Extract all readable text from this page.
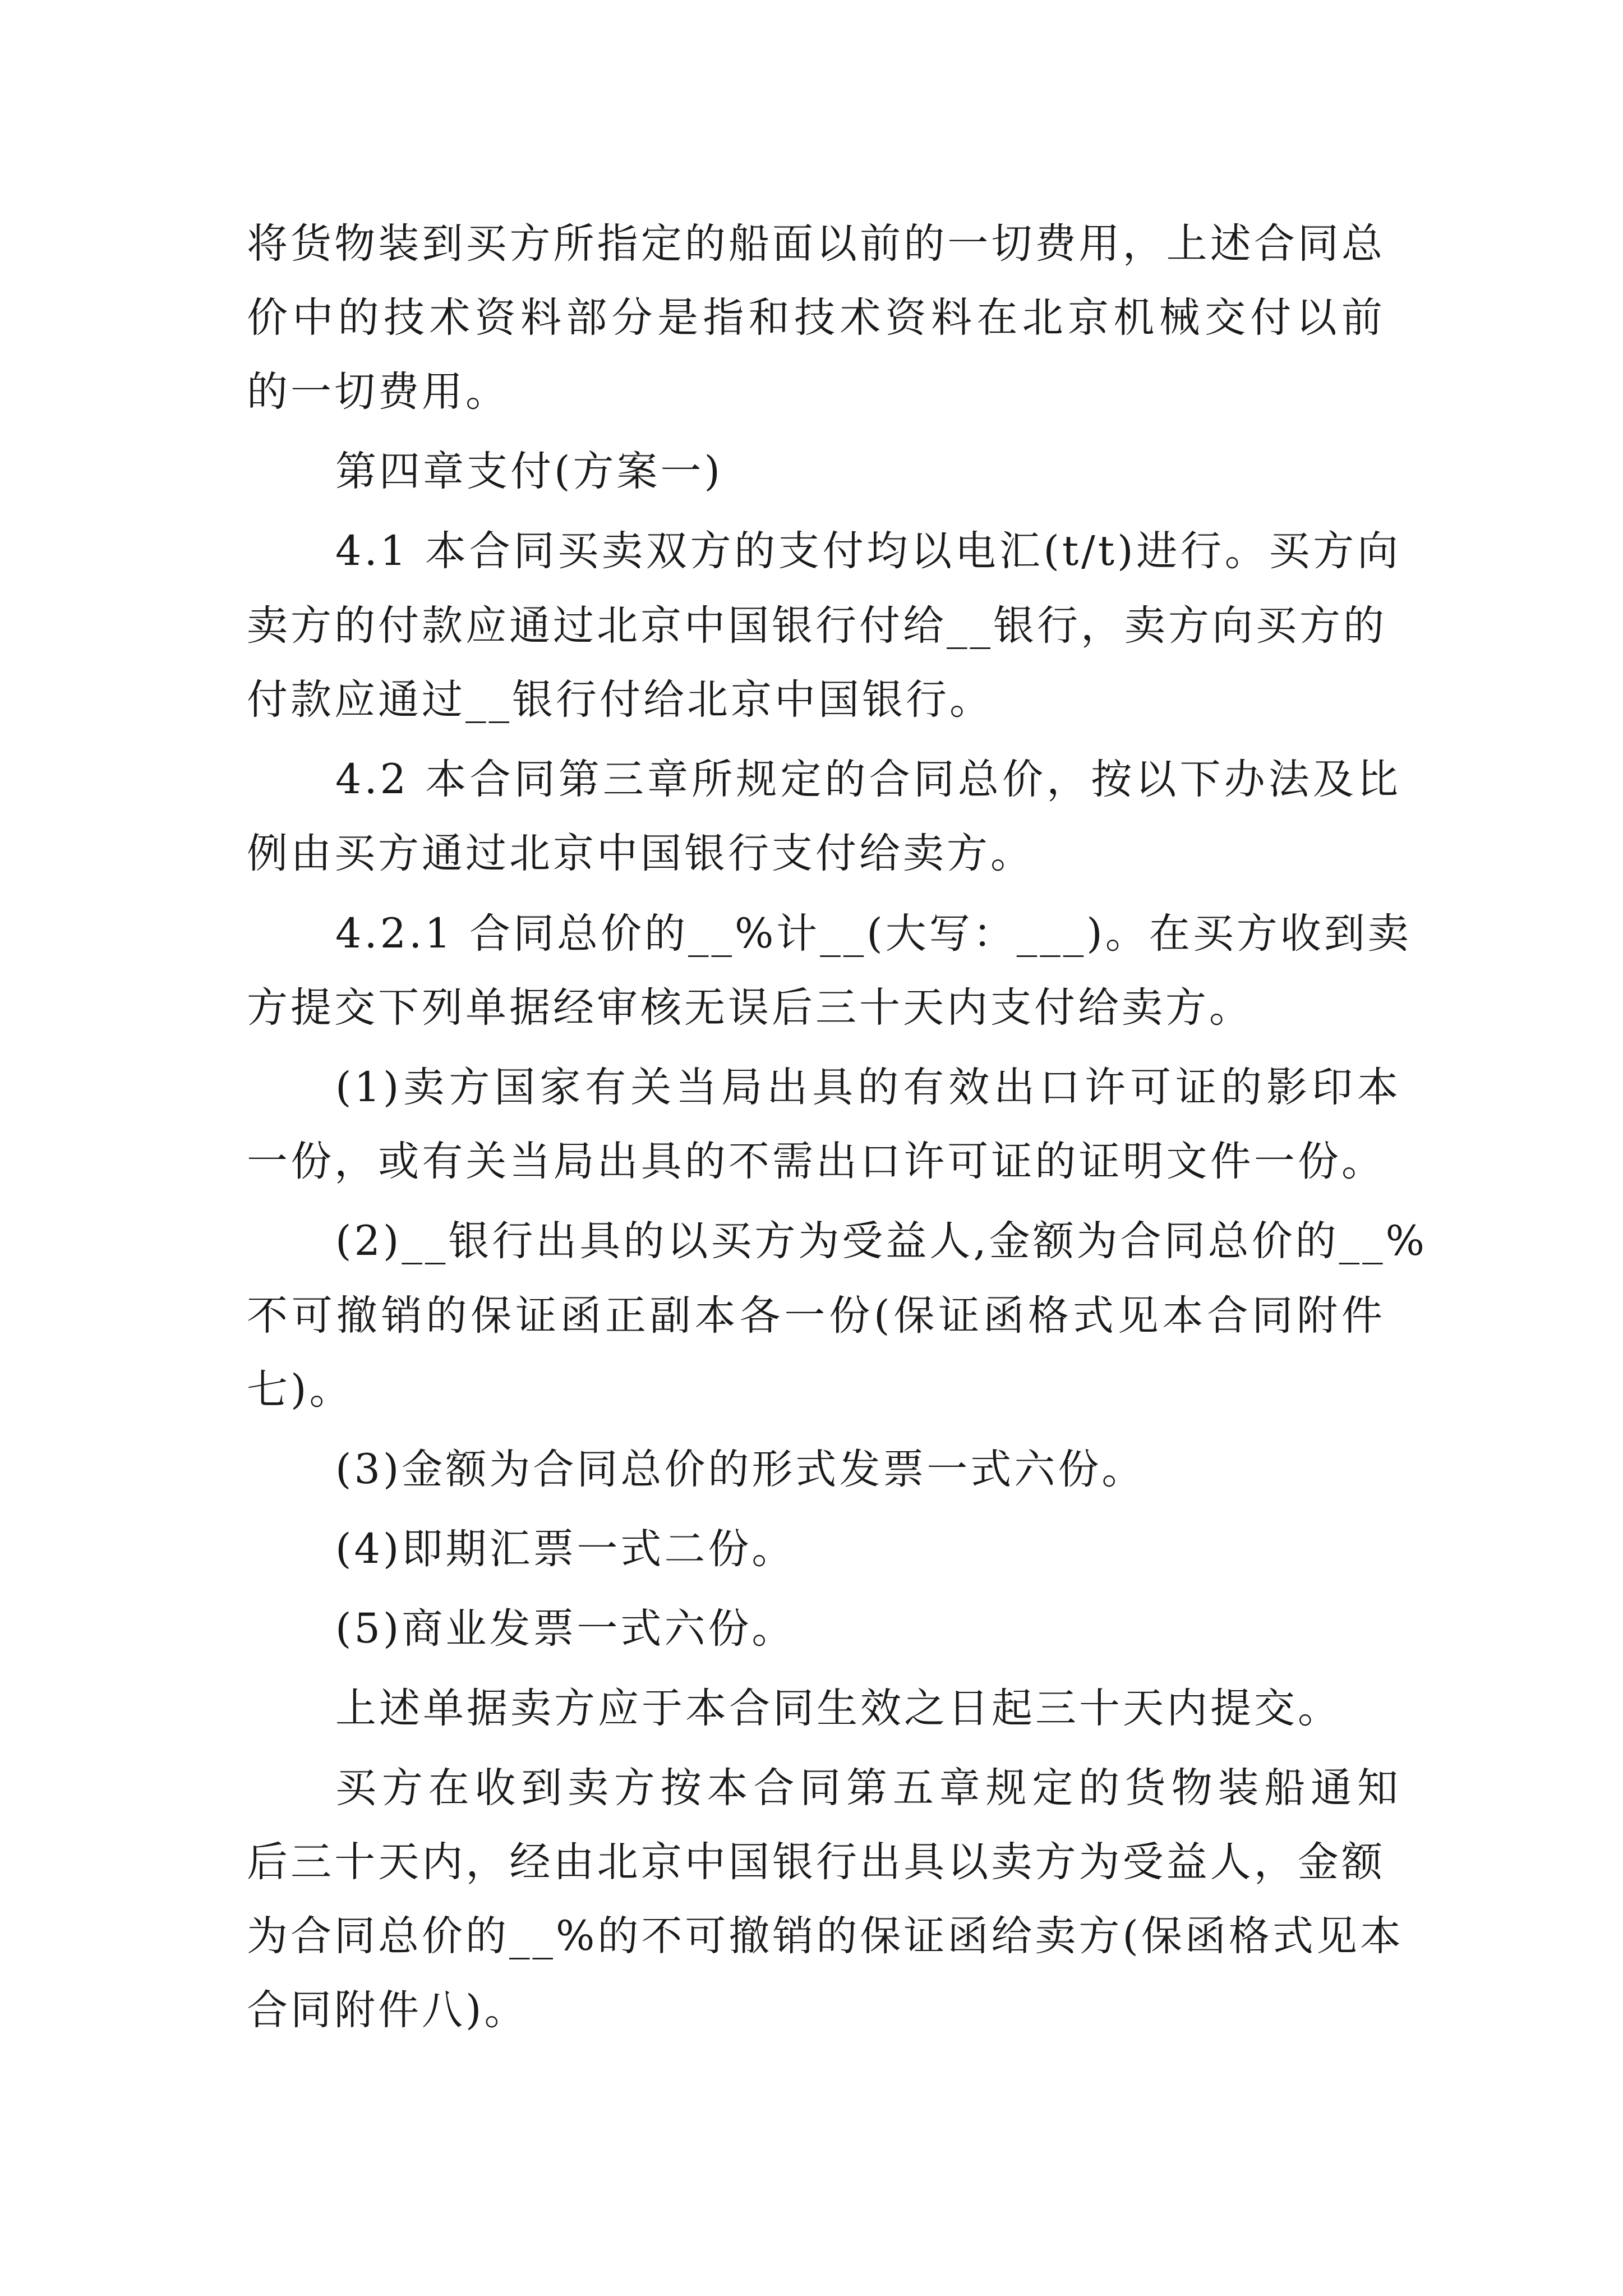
将货物装到买方所指定的船面以前的一切费用，上述合同总
价中的技术资料部分是指和技术资料在北京机械交付以前
的一切费用。
第四章支付(方案一)
4.1 本合同买卖双方的支付均以电汇(t/t)进行。买方向
卖方的付款应通过北京中国银行付给__银行，卖方向买方的
付款应通过__银行付给北京中国银行。
4.2 本合同第三章所规定的合同总价，按以下办法及比
例由买方通过北京中国银行支付给卖方。
4.2.1 合同总价的__%计__(大写：___)。在买方收到卖
方提交下列单据经审核无误后三十天内支付给卖方。
(1)卖方国家有关当局出具的有效出口许可证的影印本
一份，或有关当局出具的不需出口许可证的证明文件一份。
(2)__银行出具的以买方为受益人,金额为合同总价的__%
不可撤销的保证函正副本各一份(保证函格式见本合同附件
七)。
(3)金额为合同总价的形式发票一式六份。
(4)即期汇票一式二份。
(5)商业发票一式六份。
上述单据卖方应于本合同生效之日起三十天内提交。
买方在收到卖方按本合同第五章规定的货物装船通知
后三十天内，经由北京中国银行出具以卖方为受益人，金额
为合同总价的__%的不可撤销的保证函给卖方(保函格式见本
合同附件八)。
